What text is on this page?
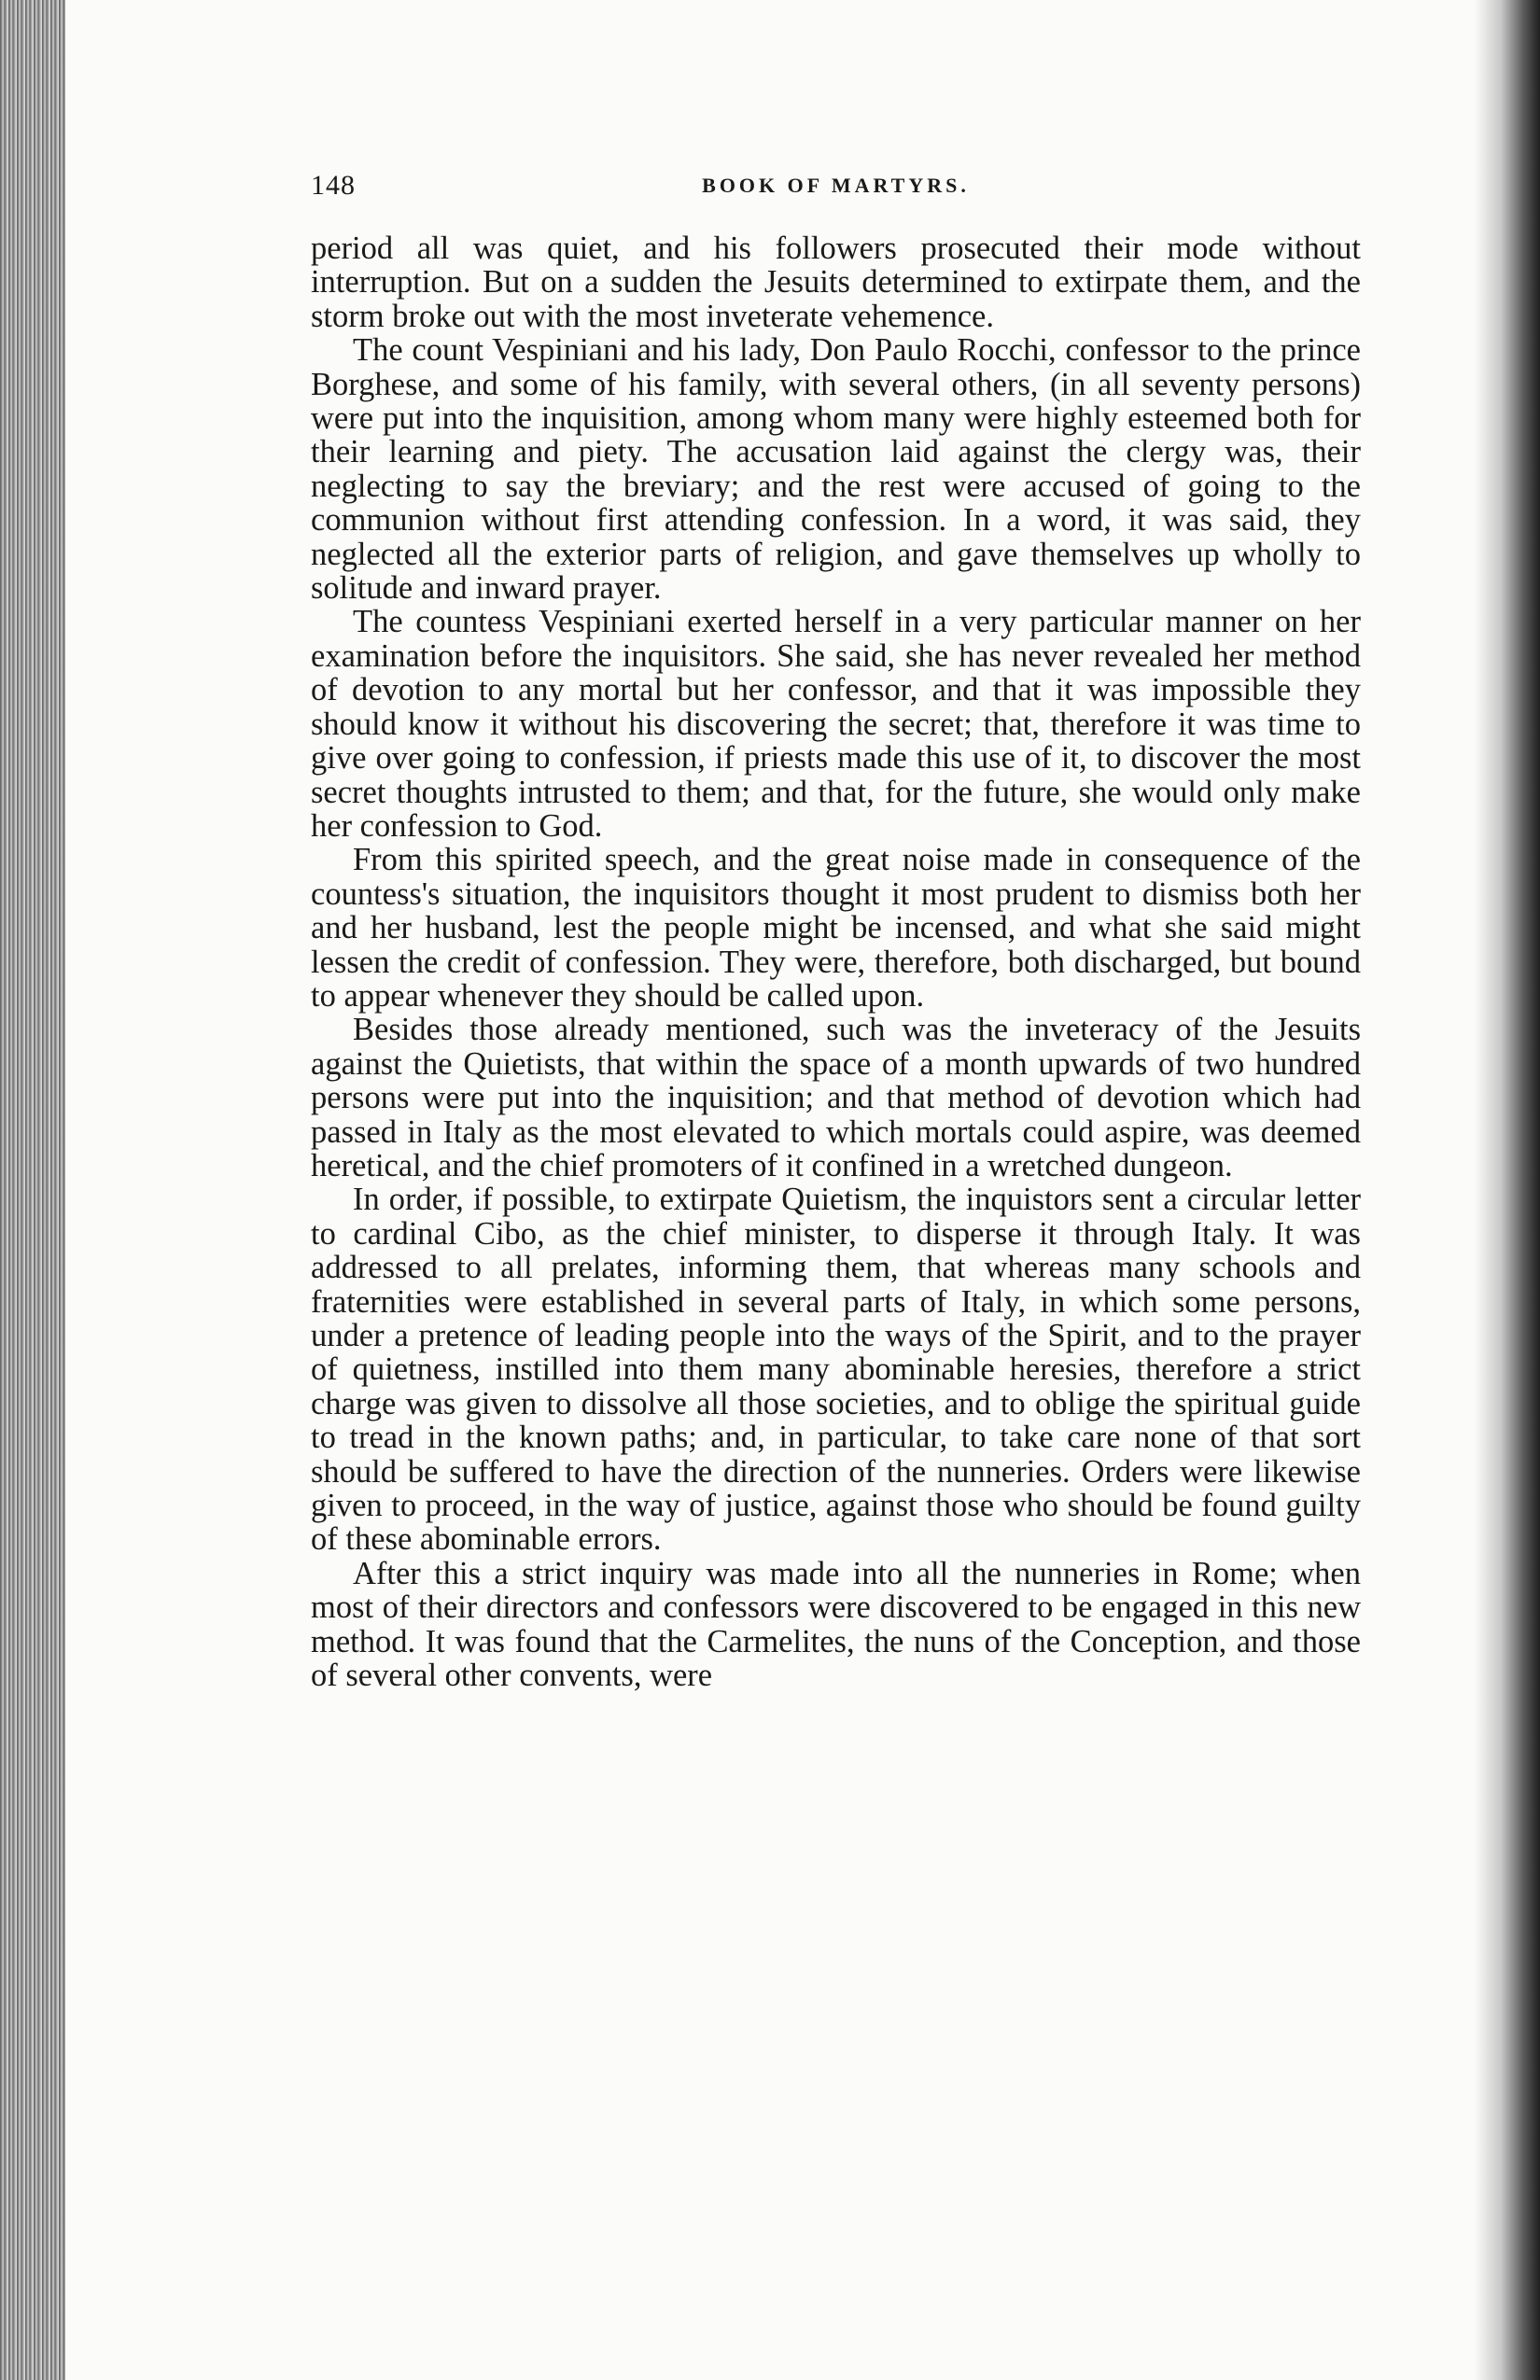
148	BOOK OF MARTYRS.

period all was quiet, and his followers prosecuted their mode without interruption. But on a sudden the Jesuits determined to extirpate them, and the storm broke out with the most inveterate vehemence.

The count Vespiniani and his lady, Don Paulo Rocchi, confessor to the prince Borghese, and some of his family, with several others, (in all seventy persons) were put into the inquisition, among whom many were highly esteemed both for their learning and piety. The accusation laid against the clergy was, their neglecting to say the breviary; and the rest were accused of going to the communion without first attending confession. In a word, it was said, they neglected all the exterior parts of religion, and gave themselves up wholly to solitude and inward prayer.

The countess Vespiniani exerted herself in a very particular manner on her examination before the inquisitors. She said, she has never revealed her method of devotion to any mortal but her confessor, and that it was impossible they should know it without his discovering the secret; that, therefore it was time to give over going to confession, if priests made this use of it, to discover the most secret thoughts intrusted to them; and that, for the future, she would only make her confession to God.

From this spirited speech, and the great noise made in consequence of the countess's situation, the inquisitors thought it most prudent to dismiss both her and her husband, lest the people might be incensed, and what she said might lessen the credit of confession. They were, therefore, both discharged, but bound to appear whenever they should be called upon.

Besides those already mentioned, such was the inveteracy of the Jesuits against the Quietists, that within the space of a month upwards of two hundred persons were put into the inquisition; and that method of devotion which had passed in Italy as the most elevated to which mortals could aspire, was deemed heretical, and the chief promoters of it confined in a wretched dungeon.

In order, if possible, to extirpate Quietism, the inquistors sent a circular letter to cardinal Cibo, as the chief minister, to disperse it through Italy. It was addressed to all prelates, informing them, that whereas many schools and fraternities were established in several parts of Italy, in which some persons, under a pretence of leading people into the ways of the Spirit, and to the prayer of quietness, instilled into them many abominable heresies, therefore a strict charge was given to dissolve all those societies, and to oblige the spiritual guide to tread in the known paths; and, in particular, to take care none of that sort should be suffered to have the direction of the nunneries. Orders were likewise given to proceed, in the way of justice, against those who should be found guilty of these abominable errors.

After this a strict inquiry was made into all the nunneries in Rome; when most of their directors and confessors were discovered to be engaged in this new method. It was found that the Carmelites, the nuns of the Conception, and those of several other convents, were
